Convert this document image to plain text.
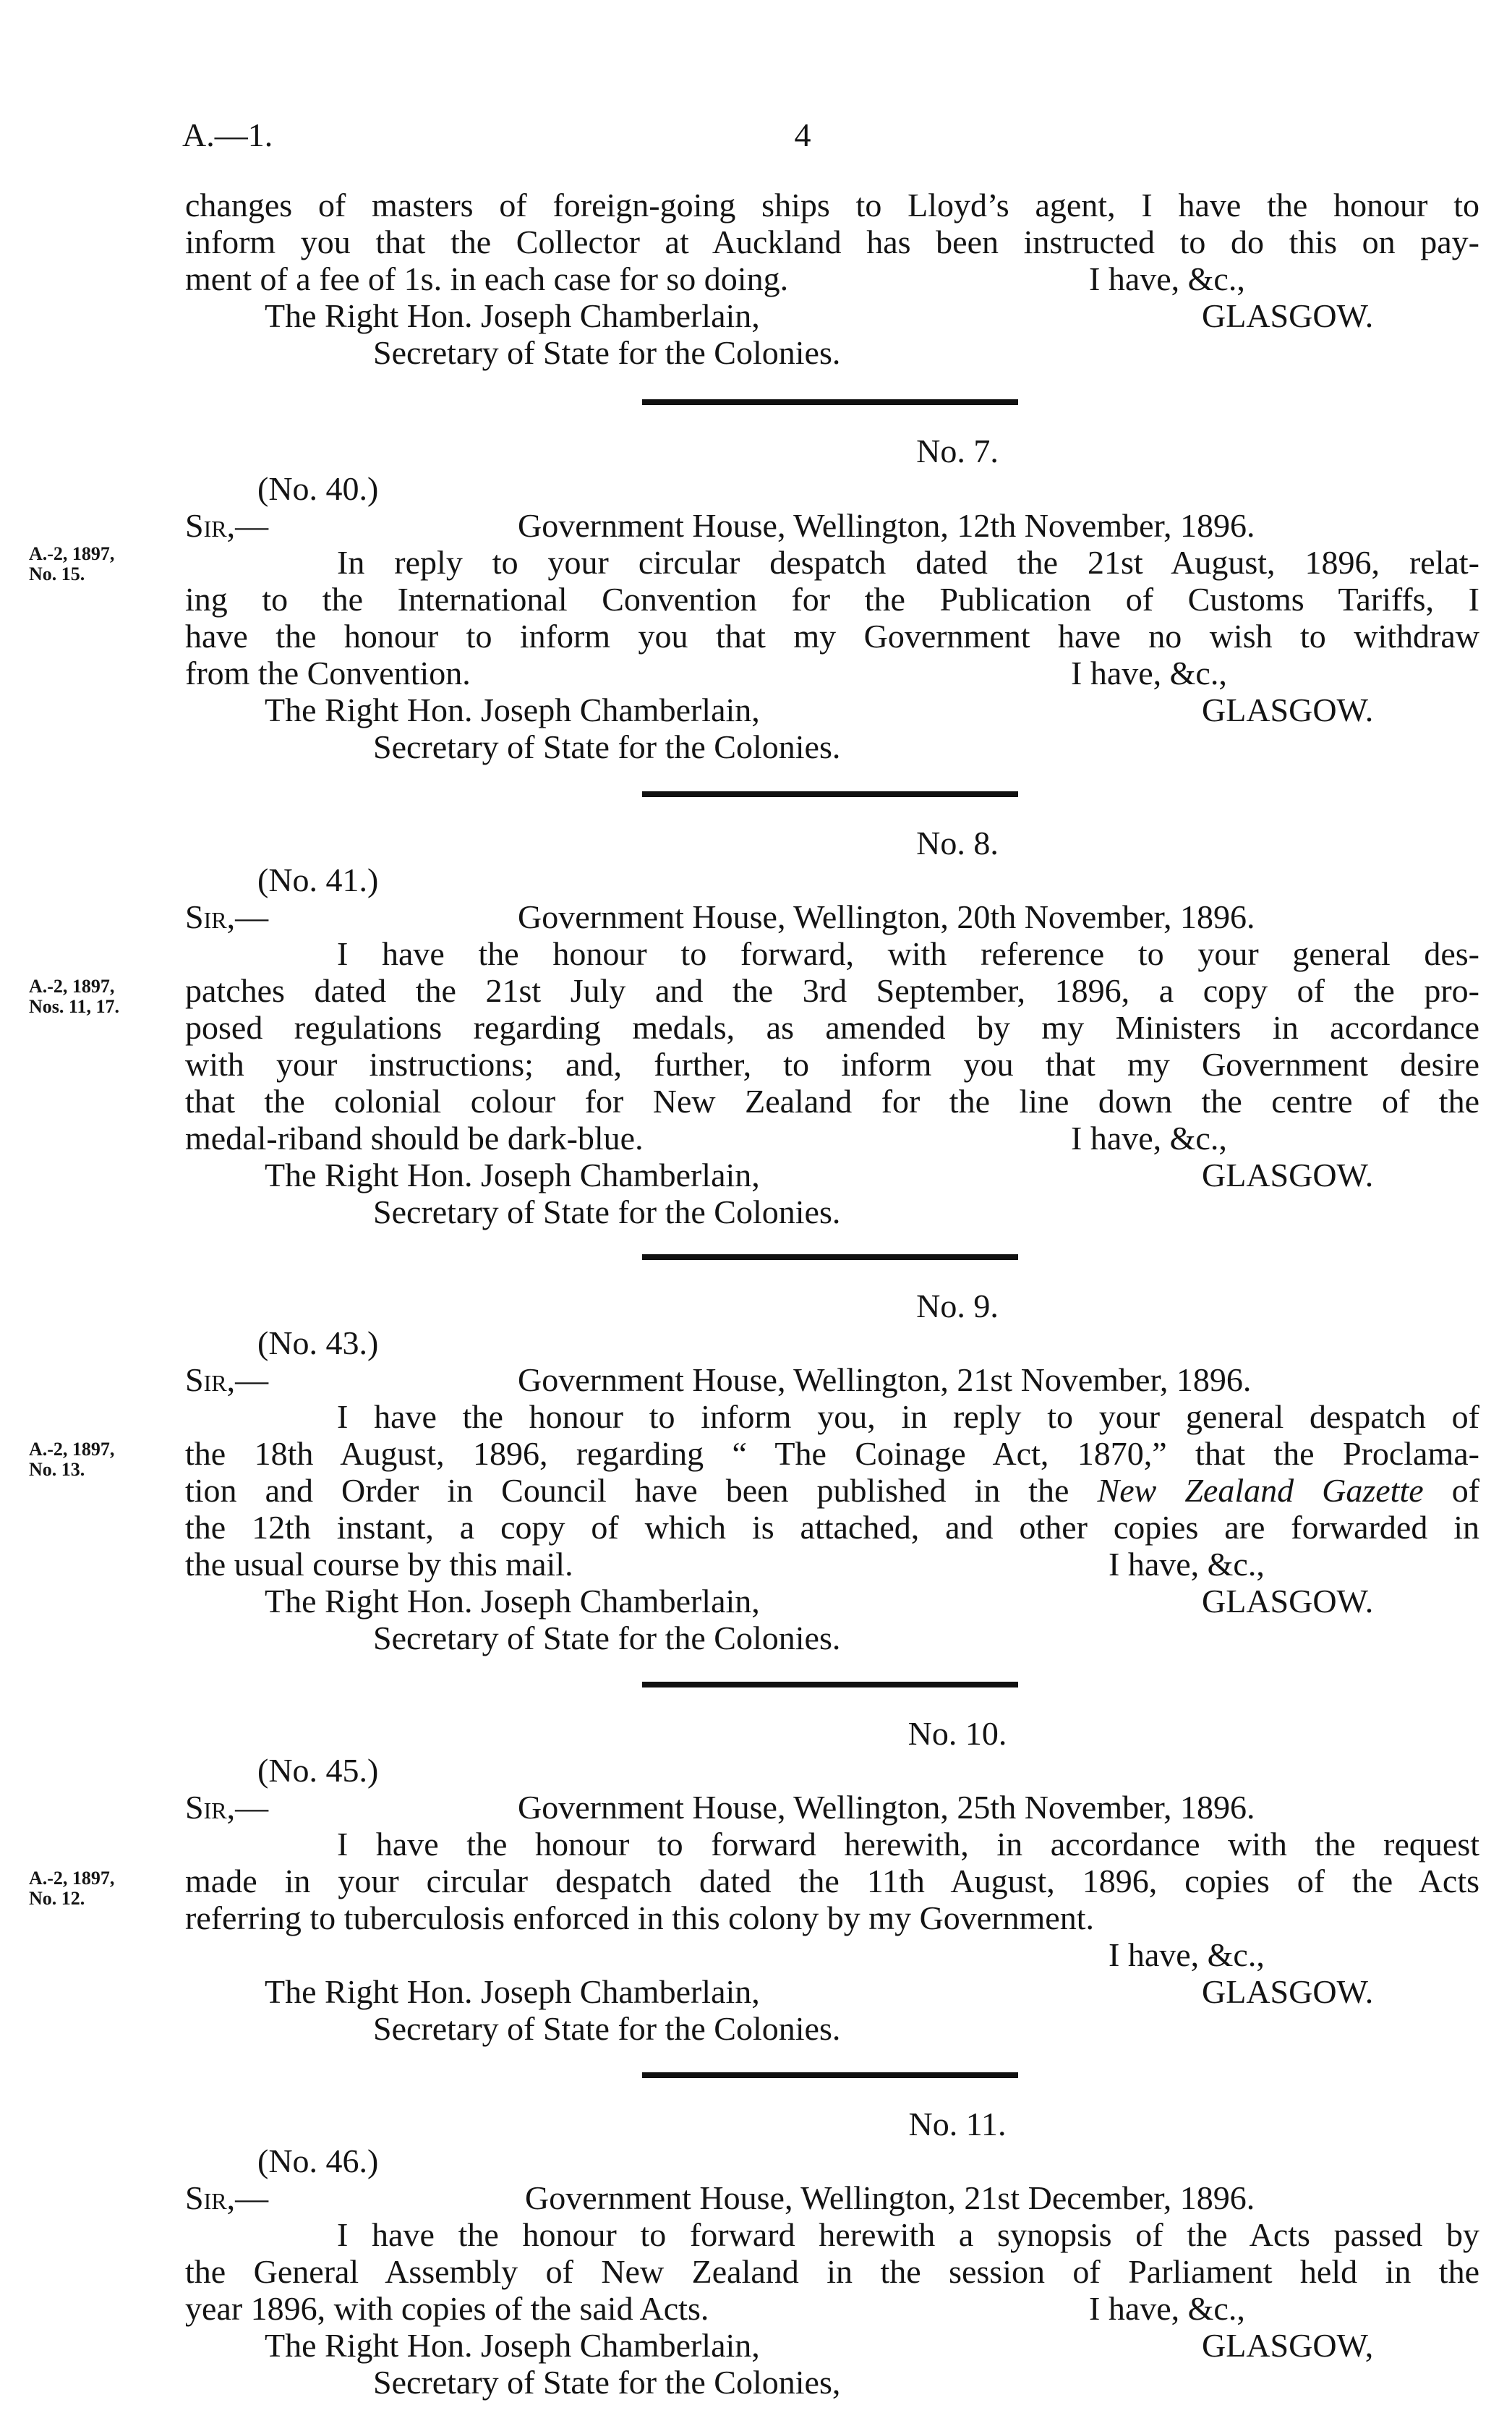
A.—1.	4
changes of masters of foreign-going ships to Lloyd’s agent, I have the honour to
inform you that the Collector at Auckland has been instructed to do this on pay-
ment of a fee of 1s. in each case for so doing.	I have, &c.,
The Right Hon. Joseph Chamberlain,	GLASGOW.
Secretary of State for the Colonies.
No. 7.
(No. 40.)
Sir,—	Government House, Wellington, 12th November, 1896.
In reply to your circular despatch dated the 21st August, 1896, relat-
ing to the International Convention for the Publication of Customs Tariffs, I
have the honour to inform you that my Government have no wish to withdraw
from the Convention.	I have, &c.,
The Right Hon. Joseph Chamberlain,	GLASGOW.
Secretary of State for the Colonies.
No. 8.
(No. 41.)
Sir,—	Government House, Wellington, 20th November, 1896.
I have the honour to forward, with reference to your general des-
patches dated the 21st July and the 3rd September, 1896, a copy of the pro-
posed regulations regarding medals, as amended by my Ministers in accordance
with your instructions; and, further, to inform you that my Government desire
that the colonial colour for New Zealand for the line down the centre of the
medal-riband should be dark-blue.	I have, &c.,
The Right Hon. Joseph Chamberlain,	GLASGOW.
Secretary of State for the Colonies.
No. 9.
(No. 43.)
Sir,—	Government House, Wellington, 21st November, 1896.
I have the honour to inform you, in reply to your general despatch of
the 18th August, 1896, regarding “ The Coinage Act, 1870,” that the Proclama-
tion and Order in Council have been published in the New Zealand Gazette of
the 12th instant, a copy of which is attached, and other copies are forwarded in
the usual course by this mail.	I have, &c.,
The Right Hon. Joseph Chamberlain,	GLASGOW.
Secretary of State for the Colonies.
No. 10.
(No. 45.)
Sir,—	Government House, Wellington, 25th November, 1896.
I have the honour to forward herewith, in accordance with the request
made in your circular despatch dated the 11th August, 1896, copies of the Acts
referring to tuberculosis enforced in this colony by my Government.
I have, &c.,
The Right Hon. Joseph Chamberlain,	GLASGOW.
Secretary of State for the Colonies.
No. 11.
(No. 46.)
Sir,—	Government House, Wellington, 21st December, 1896.
I have the honour to forward herewith a synopsis of the Acts passed by
the General Assembly of New Zealand in the session of Parliament held in the
year 1896, with copies of the said Acts.	I have, &c.,
The Right Hon. Joseph Chamberlain,	GLASGOW,
Secretary of State for the Colonies,
A.-2, 1897,
No. 15.
A.-2, 1897,
Nos. 11, 17.
A.-2, 1897,
No. 13.
A.-2, 1897,
No. 12.
